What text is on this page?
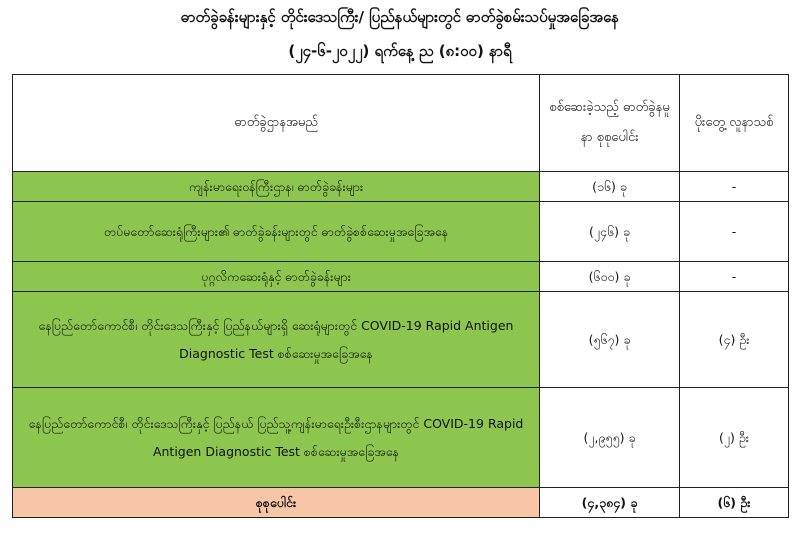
ဓာတ်ခွဲခန်းများနှင့် တိုင်းဒေသကြီး/ ပြည်နယ်များတွင် ဓာတ်ခွဲစမ်းသပ်မှုအခြေအနေ
(၂၄-၆-၂၀၂၂) ရက်နေ့ ည (၈:၀၀) နာရီ
ဓာတ်ခွဲဌာနအမည်	စစ်ဆေးခဲ့သည့် ဓာတ်ခွဲနမူနာ စုစုပေါင်း	ပိုးတွေ့ လူနာသစ်
ကျန်းမာရေးဝန်ကြီးဌာန၊ ဓာတ်ခွဲခန်းများ	(၁၆) ခု	-
တပ်မတော်ဆေးရုံကြီးများ၏ ဓာတ်ခွဲခန်းများတွင် ဓာတ်ခွဲစစ်ဆေးမှုအခြေအနေ	(၂၄၆) ခု	-
ပုဂ္ဂလိကဆေးရုံနှင့် ဓာတ်ခွဲခန်းများ	(၆၀၀) ခု	-
နေပြည်တော်ကောင်စီ၊ တိုင်းဒေသကြီးနှင့် ပြည်နယ်များရှိ ဆေးရုံများတွင် COVID-19 Rapid Antigen Diagnostic Test စစ်ဆေးမှုအခြေအနေ	(၅၆၇) ခု	(၄) ဦး
နေပြည်တော်ကောင်စီ၊ တိုင်းဒေသကြီးနှင့် ပြည်နယ် ပြည်သူ့ကျန်းမာရေးဦးစီးဌာနများတွင် COVID-19 Rapid Antigen Diagnostic Test စစ်ဆေးမှုအခြေအနေ	(၂,၉၅၅) ခု	(၂) ဦး
စုစုပေါင်း	(၄,၃၈၄) ခု	(၆) ဦး
